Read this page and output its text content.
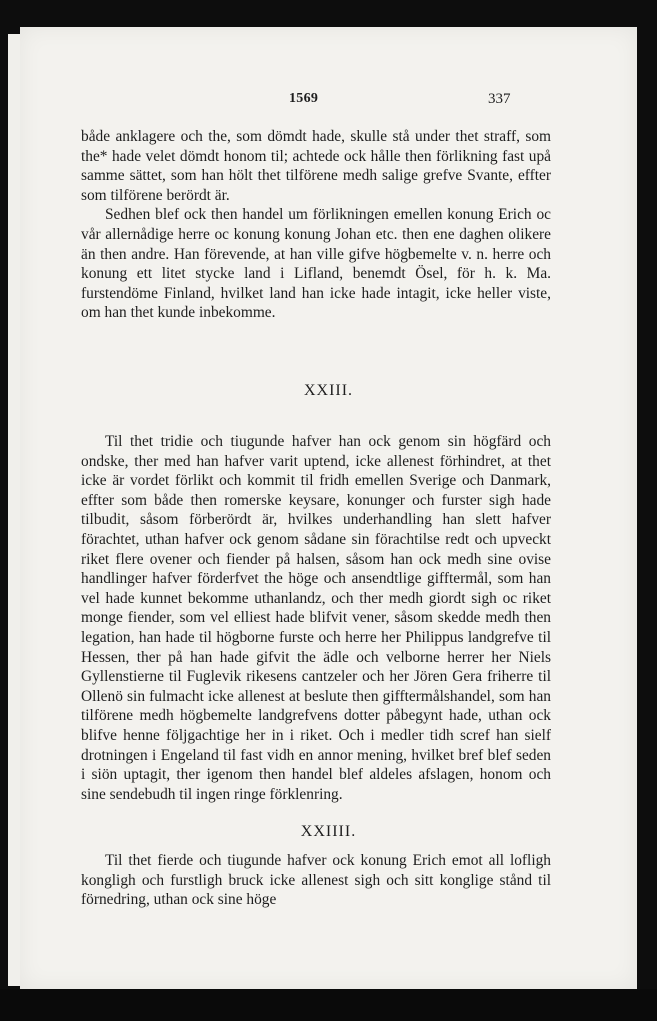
1569	337

både anklagere och the, som dömdt hade, skulle stå under thet straff, som the* hade velet dömdt honom til; achtede ock hålle then förlikning fast upå samme sättet, som han hölt thet tilförene medh salige grefve Svante, effter som tilförene berördt är.

Sedhen blef ock then handel um förlikningen emellen konung Erich oc vår allernådige herre oc konung konung Johan etc. then ene daghen olikere än then andre. Han förevende, at han ville gifve högbemelte v. n. herre och konung ett litet stycke land i Lifland, benemdt Ösel, för h. k. Ma. furstendöme Finland, hvilket land han icke hade intagit, icke heller viste, om han thet kunde inbekomme.

XXIII.

Til thet tridie och tiugunde hafver han ock genom sin högfärd och ondske, ther med han hafver varit uptend, icke allenest förhindret, at thet icke är vordet förlikt och kommit til fridh emellen Sverige och Danmark, effter som både then romerske keysare, konunger och furster sigh hade tilbudit, såsom förberördt är, hvilkes underhandling han slett hafver förachtet, uthan hafver ock genom sådane sin förachtilse redt och upveckt riket flere ovener och fiender på halsen, såsom han ock medh sine ovise handlinger hafver förderfvet the höge och ansendtlige gifftermål, som han vel hade kunnet bekomme uthanlandz, och ther medh giordt sigh oc riket monge fiender, som vel elliest hade blifvit vener, såsom skedde medh then legation, han hade til högborne furste och herre her Philippus landgrefve til Hessen, ther på han hade gifvit the ädle och velborne herrer her Niels Gyllenstierne til Fuglevik rikesens cantzeler och her Jören Gera friherre til Ollenö sin fulmacht icke allenest at beslute then gifftermålshandel, som han tilförene medh högbemelte landgrefvens dotter påbegynt hade, uthan ock blifve henne följgachtige her in i riket. Och i medler tidh scref han sielf drotningen i Engeland til fast vidh en annor mening, hvilket bref blef seden i siön uptagit, ther igenom then handel blef aldeles afslagen, honom och sine sendebudh til ingen ringe förklenring.

XXIIII.

Til thet fierde och tiugunde hafver ock konung Erich emot all lofligh kongligh och furstligh bruck icke allenest sigh och sitt konglige stånd til förnedring, uthan ock sine höge
